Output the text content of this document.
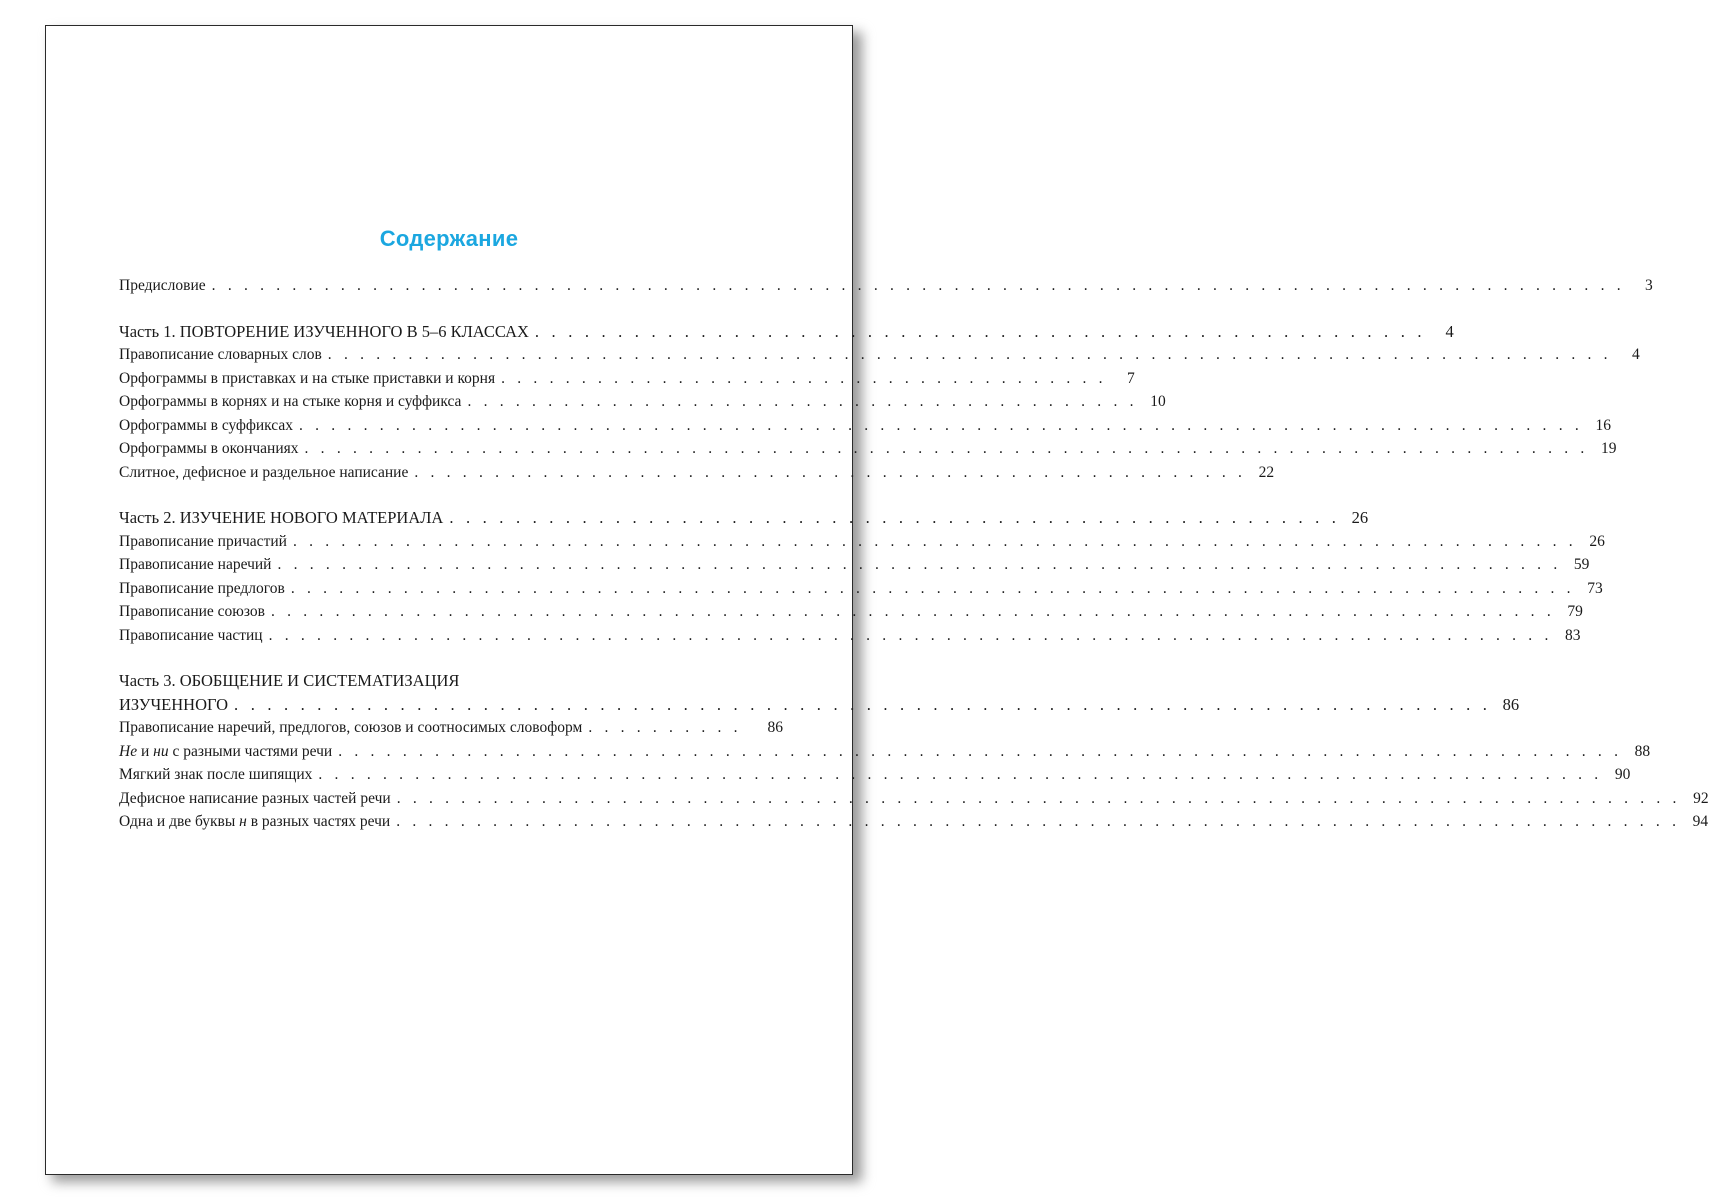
Содержание
Предисловие . . . . . . . . . . . . . . . . . . . . . . . . . . . . . . . . . . . . . . . . . . . . . . . . . . . . . . . . . . . . . . . . . . . . . . . . . . . . . . . . . . . . . . . .	3
Часть 1. ПОВТОРЕНИЕ ИЗУЧЕННОГО В 5–6 КЛАССАХ . . . . . . . . . . . . . . . . . . . . . . . . . . . . . . . . . . . . . . . . . . . . . . . . . . . . . .	4
Правописание словарных слов . . . . . . . . . . . . . . . . . . . . . . . . . . . . . . . . . . . . . . . . . . . . . . . . . . . . . . . . . . . . . . . . . . . . . . . . . . . . . . . .	4
Орфограммы в приставках и на стыке приставки и корня . . . . . . . . . . . . . . . . . . . . . . . . . . . . . . . . . . . . . .	7
Орфограммы в корнях и на стыке корня и суффикса . . . . . . . . . . . . . . . . . . . . . . . . . . . . . . . . . . . . . . . . . . 10
Орфограммы в суффиксах . . . . . . . . . . . . . . . . . . . . . . . . . . . . . . . . . . . . . . . . . . . . . . . . . . . . . . . . . . . . . . . . . . . . . . . . . . . . . . . . 16
Орфограммы в окончаниях . . . . . . . . . . . . . . . . . . . . . . . . . . . . . . . . . . . . . . . . . . . . . . . . . . . . . . . . . . . . . . . . . . . . . . . . . . . . . . . . 19
Слитное, дефисное и раздельное написание . . . . . . . . . . . . . . . . . . . . . . . . . . . . . . . . . . . . . . . . . . . . . . . . . . . . 22
Часть 2. ИЗУЧЕНИЕ НОВОГО МАТЕРИАЛА . . . . . . . . . . . . . . . . . . . . . . . . . . . . . . . . . . . . . . . . . . . . . . . . . . . . . . 26
Правописание причастий . . . . . . . . . . . . . . . . . . . . . . . . . . . . . . . . . . . . . . . . . . . . . . . . . . . . . . . . . . . . . . . . . . . . . . . . . . . . . . . . 26
Правописание наречий . . . . . . . . . . . . . . . . . . . . . . . . . . . . . . . . . . . . . . . . . . . . . . . . . . . . . . . . . . . . . . . . . . . . . . . . . . . . . . . . 59
Правописание предлогов . . . . . . . . . . . . . . . . . . . . . . . . . . . . . . . . . . . . . . . . . . . . . . . . . . . . . . . . . . . . . . . . . . . . . . . . . . . . . . . . 73
Правописание союзов . . . . . . . . . . . . . . . . . . . . . . . . . . . . . . . . . . . . . . . . . . . . . . . . . . . . . . . . . . . . . . . . . . . . . . . . . . . . . . . . 79
Правописание частиц . . . . . . . . . . . . . . . . . . . . . . . . . . . . . . . . . . . . . . . . . . . . . . . . . . . . . . . . . . . . . . . . . . . . . . . . . . . . . . . . 83
Часть 3. ОБОБЩЕНИЕ И СИСТЕМАТИЗАЦИЯ
ИЗУЧЕННОГО . . . . . . . . . . . . . . . . . . . . . . . . . . . . . . . . . . . . . . . . . . . . . . . . . . . . . . . . . . . . . . . . . . . . . . . . . . . . 86
Правописание наречий, предлогов, союзов и соотносимых словоформ . . . . . . . . . .	86
Не и ни с разными частями речи . . . . . . . . . . . . . . . . . . . . . . . . . . . . . . . . . . . . . . . . . . . . . . . . . . . . . . . . . . . . . . . . . . . . . . . . . . . . . . . . 88
Мягкий знак после шипящих . . . . . . . . . . . . . . . . . . . . . . . . . . . . . . . . . . . . . . . . . . . . . . . . . . . . . . . . . . . . . . . . . . . . . . . . . . . . . . . . 90
Дефисное написание разных частей речи . . . . . . . . . . . . . . . . . . . . . . . . . . . . . . . . . . . . . . . . . . . . . . . . . . . . . . . . . . . . . . . . . . . . . . . . . . . . . . . . 92
Одна и две буквы н в разных частях речи . . . . . . . . . . . . . . . . . . . . . . . . . . . . . . . . . . . . . . . . . . . . . . . . . . . . . . . . . . . . . . . . . . . . . . . . . . . . . . . . 94
